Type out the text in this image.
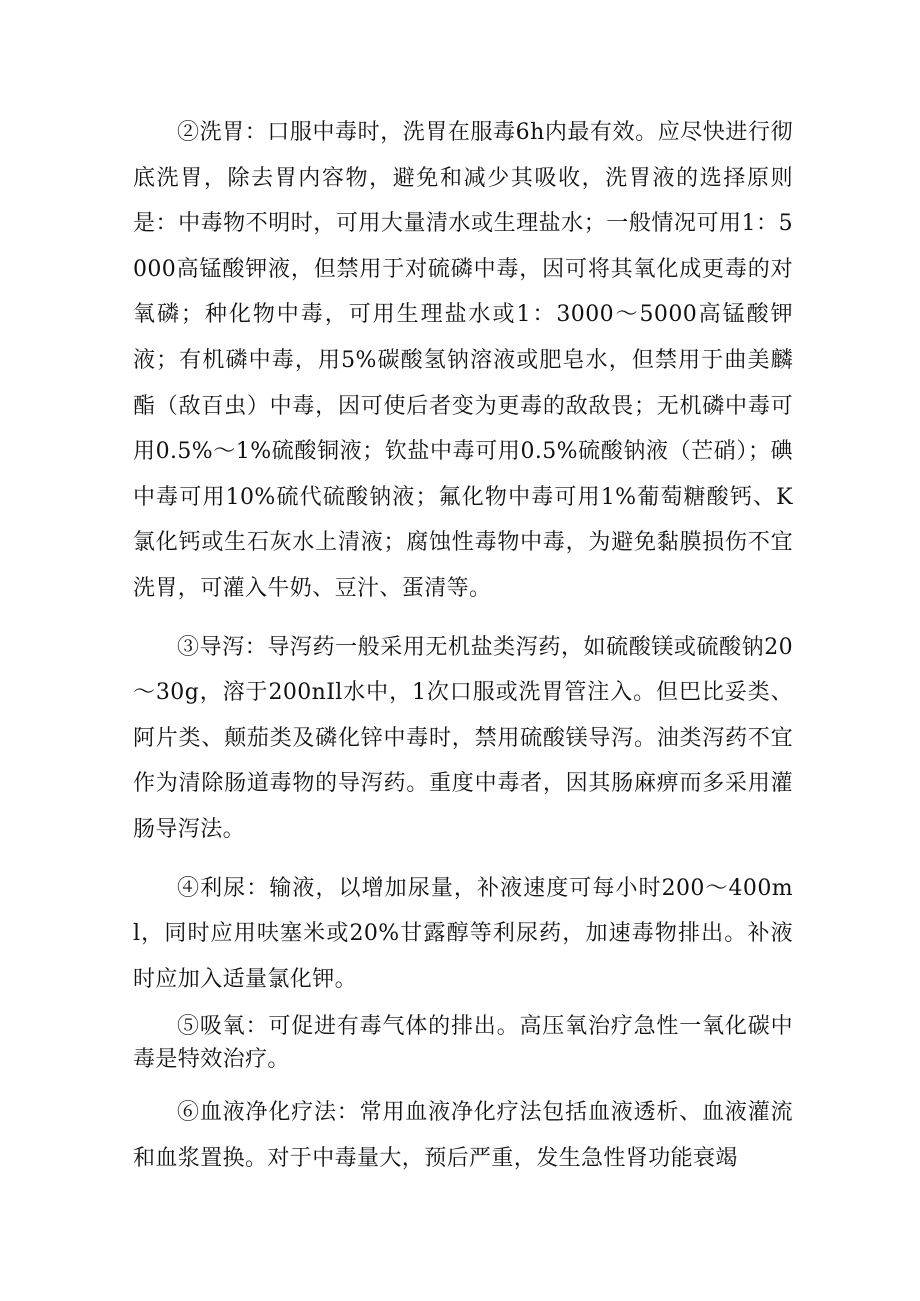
②洗胃：口服中毒时，洗胃在服毒6h内最有效。应尽快进行彻底洗胃，除去胃内容物，避免和减少其吸收，洗胃液的选择原则是：中毒物不明时，可用大量清水或生理盐水；一般情况可用1：5000高锰酸钾液，但禁用于对硫磷中毒，因可将其氧化成更毒的对氧磷；种化物中毒，可用生理盐水或1：3000～5000高锰酸钾液；有机磷中毒，用5%碳酸氢钠溶液或肥皂水，但禁用于曲美麟酯（敌百虫）中毒，因可使后者变为更毒的敌敌畏；无机磷中毒可用0.5%～1%硫酸铜液；钦盐中毒可用0.5%硫酸钠液（芒硝）；碘中毒可用10%硫代硫酸钠液；氟化物中毒可用1%葡萄糖酸钙、K氯化钙或生石灰水上清液；腐蚀性毒物中毒，为避免黏膜损伤不宜洗胃，可灌入牛奶、豆汁、蛋清等。

③导泻：导泻药一般采用无机盐类泻药，如硫酸镁或硫酸钠20～30g，溶于200nIl水中，1次口服或洗胃管注入。但巴比妥类、阿片类、颠茄类及磷化锌中毒时，禁用硫酸镁导泻。油类泻药不宜作为清除肠道毒物的导泻药。重度中毒者，因其肠麻痹而多采用灌肠导泻法。

④利尿：输液，以增加尿量，补液速度可每小时200～400ml，同时应用呋塞米或20%甘露醇等利尿药，加速毒物排出。补液时应加入适量氯化钾。

⑤吸氧：可促进有毒气体的排出。高压氧治疗急性一氧化碳中毒是特效治疗。

⑥血液净化疗法：常用血液净化疗法包括血液透析、血液灌流和血浆置换。对于中毒量大，预后严重，发生急性肾功能衰竭
